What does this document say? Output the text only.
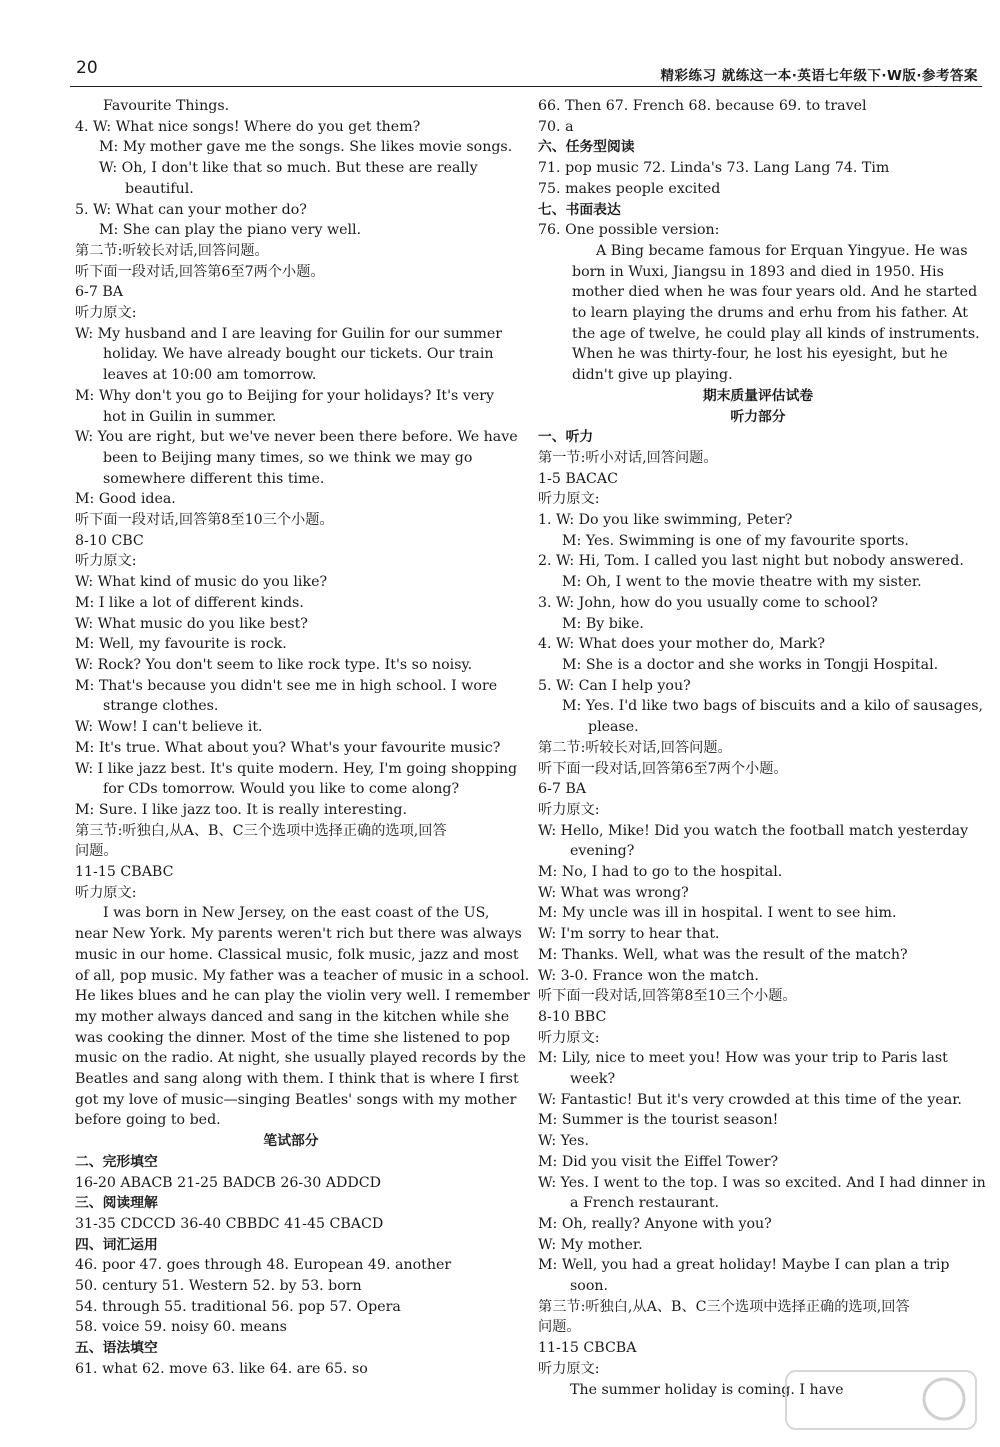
20	精彩练习 就练这一本·英语七年级下·W版·参考答案
Favourite Things.
4. W: What nice songs! Where do you get them?
M: My mother gave me the songs. She likes movie songs.
W: Oh, I don't like that so much. But these are really
beautiful.
5. W: What can your mother do?
M: She can play the piano very well.
第二节:听较长对话,回答问题。
听下面一段对话,回答第6至7两个小题。
6-7 BA
听力原文:
W: My husband and I are leaving for Guilin for our summer
holiday. We have already bought our tickets. Our train
leaves at 10:00 am tomorrow.
M: Why don't you go to Beijing for your holidays? It's very
hot in Guilin in summer.
W: You are right, but we've never been there before. We have
been to Beijing many times, so we think we may go
somewhere different this time.
M: Good idea.
听下面一段对话,回答第8至10三个小题。
8-10 CBC
听力原文:
W: What kind of music do you like?
M: I like a lot of different kinds.
W: What music do you like best?
M: Well, my favourite is rock.
W: Rock? You don't seem to like rock type. It's so noisy.
M: That's because you didn't see me in high school. I wore
strange clothes.
W: Wow! I can't believe it.
M: It's true. What about you? What's your favourite music?
W: I like jazz best. It's quite modern. Hey, I'm going shopping
for CDs tomorrow. Would you like to come along?
M: Sure. I like jazz too. It is really interesting.
第三节:听独白,从A、B、C三个选项中选择正确的选项,回答
问题。
11-15 CBABC
听力原文:
I was born in New Jersey, on the east coast of the US,
near New York. My parents weren't rich but there was always
music in our home. Classical music, folk music, jazz and most
of all, pop music. My father was a teacher of music in a school.
He likes blues and he can play the violin very well. I remember
my mother always danced and sang in the kitchen while she
was cooking the dinner. Most of the time she listened to pop
music on the radio. At night, she usually played records by the
Beatles and sang along with them. I think that is where I first
got my love of music—singing Beatles' songs with my mother
before going to bed.
笔试部分
二、完形填空
16-20 ABACB 21-25 BADCB 26-30 ADDCD
三、阅读理解
31-35 CDCCD 36-40 CBBDC 41-45 CBACD
四、词汇运用
46. poor 47. goes through 48. European 49. another
50. century 51. Western 52. by 53. born
54. through 55. traditional 56. pop 57. Opera
58. voice 59. noisy 60. means
五、语法填空
61. what 62. move 63. like 64. are 65. so
66. Then 67. French 68. because 69. to travel
70. a
六、任务型阅读
71. pop music 72. Linda's 73. Lang Lang 74. Tim
75. makes people excited
七、书面表达
76. One possible version:
A Bing became famous for Erquan Yingyue. He was
born in Wuxi, Jiangsu in 1893 and died in 1950. His
mother died when he was four years old. And he started
to learn playing the drums and erhu from his father. At
the age of twelve, he could play all kinds of instruments.
When he was thirty-four, he lost his eyesight, but he
didn't give up playing.
期末质量评估试卷
听力部分
一、听力
第一节:听小对话,回答问题。
1-5 BACAC
听力原文:
1. W: Do you like swimming, Peter?
M: Yes. Swimming is one of my favourite sports.
2. W: Hi, Tom. I called you last night but nobody answered.
M: Oh, I went to the movie theatre with my sister.
3. W: John, how do you usually come to school?
M: By bike.
4. W: What does your mother do, Mark?
M: She is a doctor and she works in Tongji Hospital.
5. W: Can I help you?
M: Yes. I'd like two bags of biscuits and a kilo of sausages,
please.
第二节:听较长对话,回答问题。
听下面一段对话,回答第6至7两个小题。
6-7 BA
听力原文:
W: Hello, Mike! Did you watch the football match yesterday
evening?
M: No, I had to go to the hospital.
W: What was wrong?
M: My uncle was ill in hospital. I went to see him.
W: I'm sorry to hear that.
M: Thanks. Well, what was the result of the match?
W: 3-0. France won the match.
听下面一段对话,回答第8至10三个小题。
8-10 BBC
听力原文:
M: Lily, nice to meet you! How was your trip to Paris last
week?
W: Fantastic! But it's very crowded at this time of the year.
M: Summer is the tourist season!
W: Yes.
M: Did you visit the Eiffel Tower?
W: Yes. I went to the top. I was so excited. And I had dinner in
a French restaurant.
M: Oh, really? Anyone with you?
W: My mother.
M: Well, you had a great holiday! Maybe I can plan a trip
soon.
第三节:听独白,从A、B、C三个选项中选择正确的选项,回答
问题。
11-15 CBCBA
听力原文:
The summer holiday is coming. I have
